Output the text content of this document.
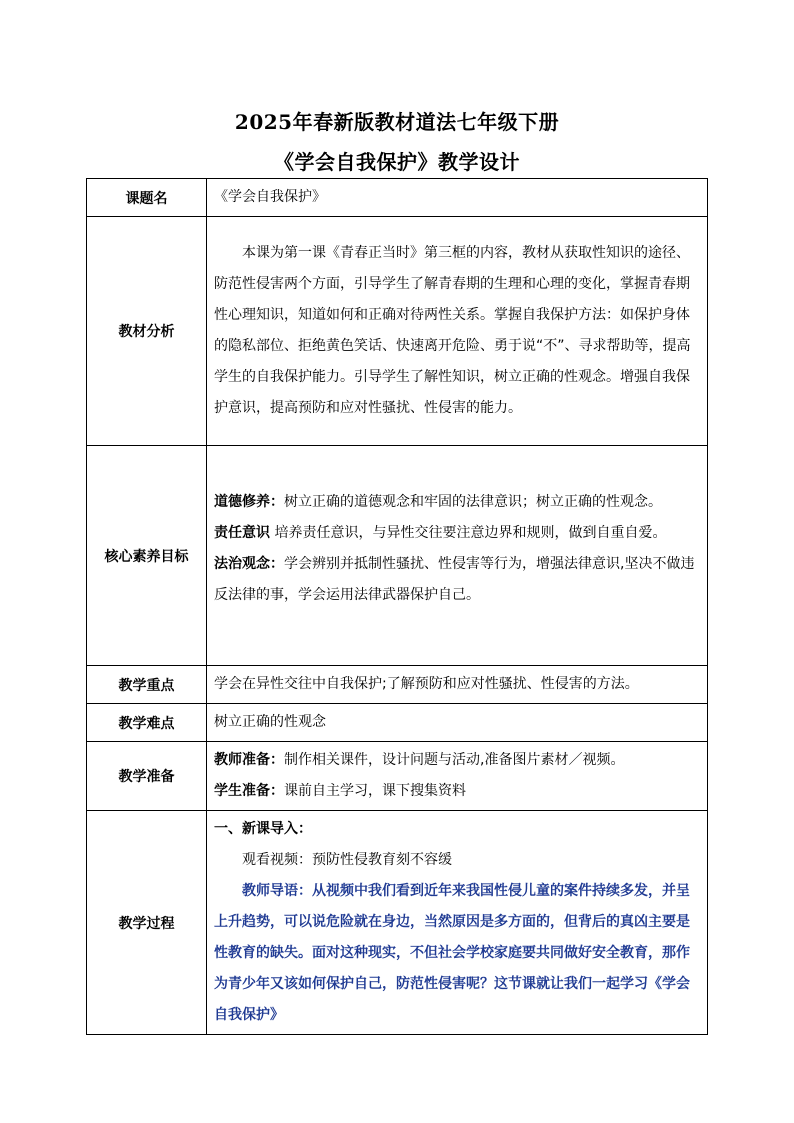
2025年春新版教材道法七年级下册
《学会自我保护》教学设计
课题名	《学会自我保护》
教材分析	本课为第一课《青春正当时》第三框的内容，教材从获取性知识的途径、防范性侵害两个方面，引导学生了解青春期的生理和心理的变化，掌握青春期性心理知识，知道如何和正确对待两性关系。掌握自我保护方法：如保护身体的隐私部位、拒绝黄色笑话、快速离开危险、勇于说“不”、寻求帮助等，提高学生的自我保护能力。引导学生了解性知识，树立正确的性观念。增强自我保护意识，提高预防和应对性骚扰、性侵害的能力。

核心素养目标	道德修养：树立正确的道德观念和牢固的法律意识；树立正确的性观念。
责任意识 培养责任意识，与异性交往要注意边界和规则，做到自重自爱。
法治观念：学会辨别并抵制性骚扰、性侵害等行为，增强法律意识,坚决不做违反法律的事，学会运用法律武器保护自己。

教学重点	学会在异性交往中自我保护;了解预防和应对性骚扰、性侵害的方法。
教学难点	树立正确的性观念
教学准备	教师准备：制作相关课件，设计问题与活动,准备图片素材／视频。
学生准备：课前自主学习，课下搜集资料

教学过程	一、新课导入：
观看视频：预防性侵教育刻不容缓
教师导语：从视频中我们看到近年来我国性侵儿童的案件持续多发，并呈上升趋势，可以说危险就在身边，当然原因是多方面的，但背后的真凶主要是性教育的缺失。面对这种现实，不但社会学校家庭要共同做好安全教育，那作为青少年又该如何保护自己，防范性侵害呢？这节课就让我们一起学习《学会自我保护》
